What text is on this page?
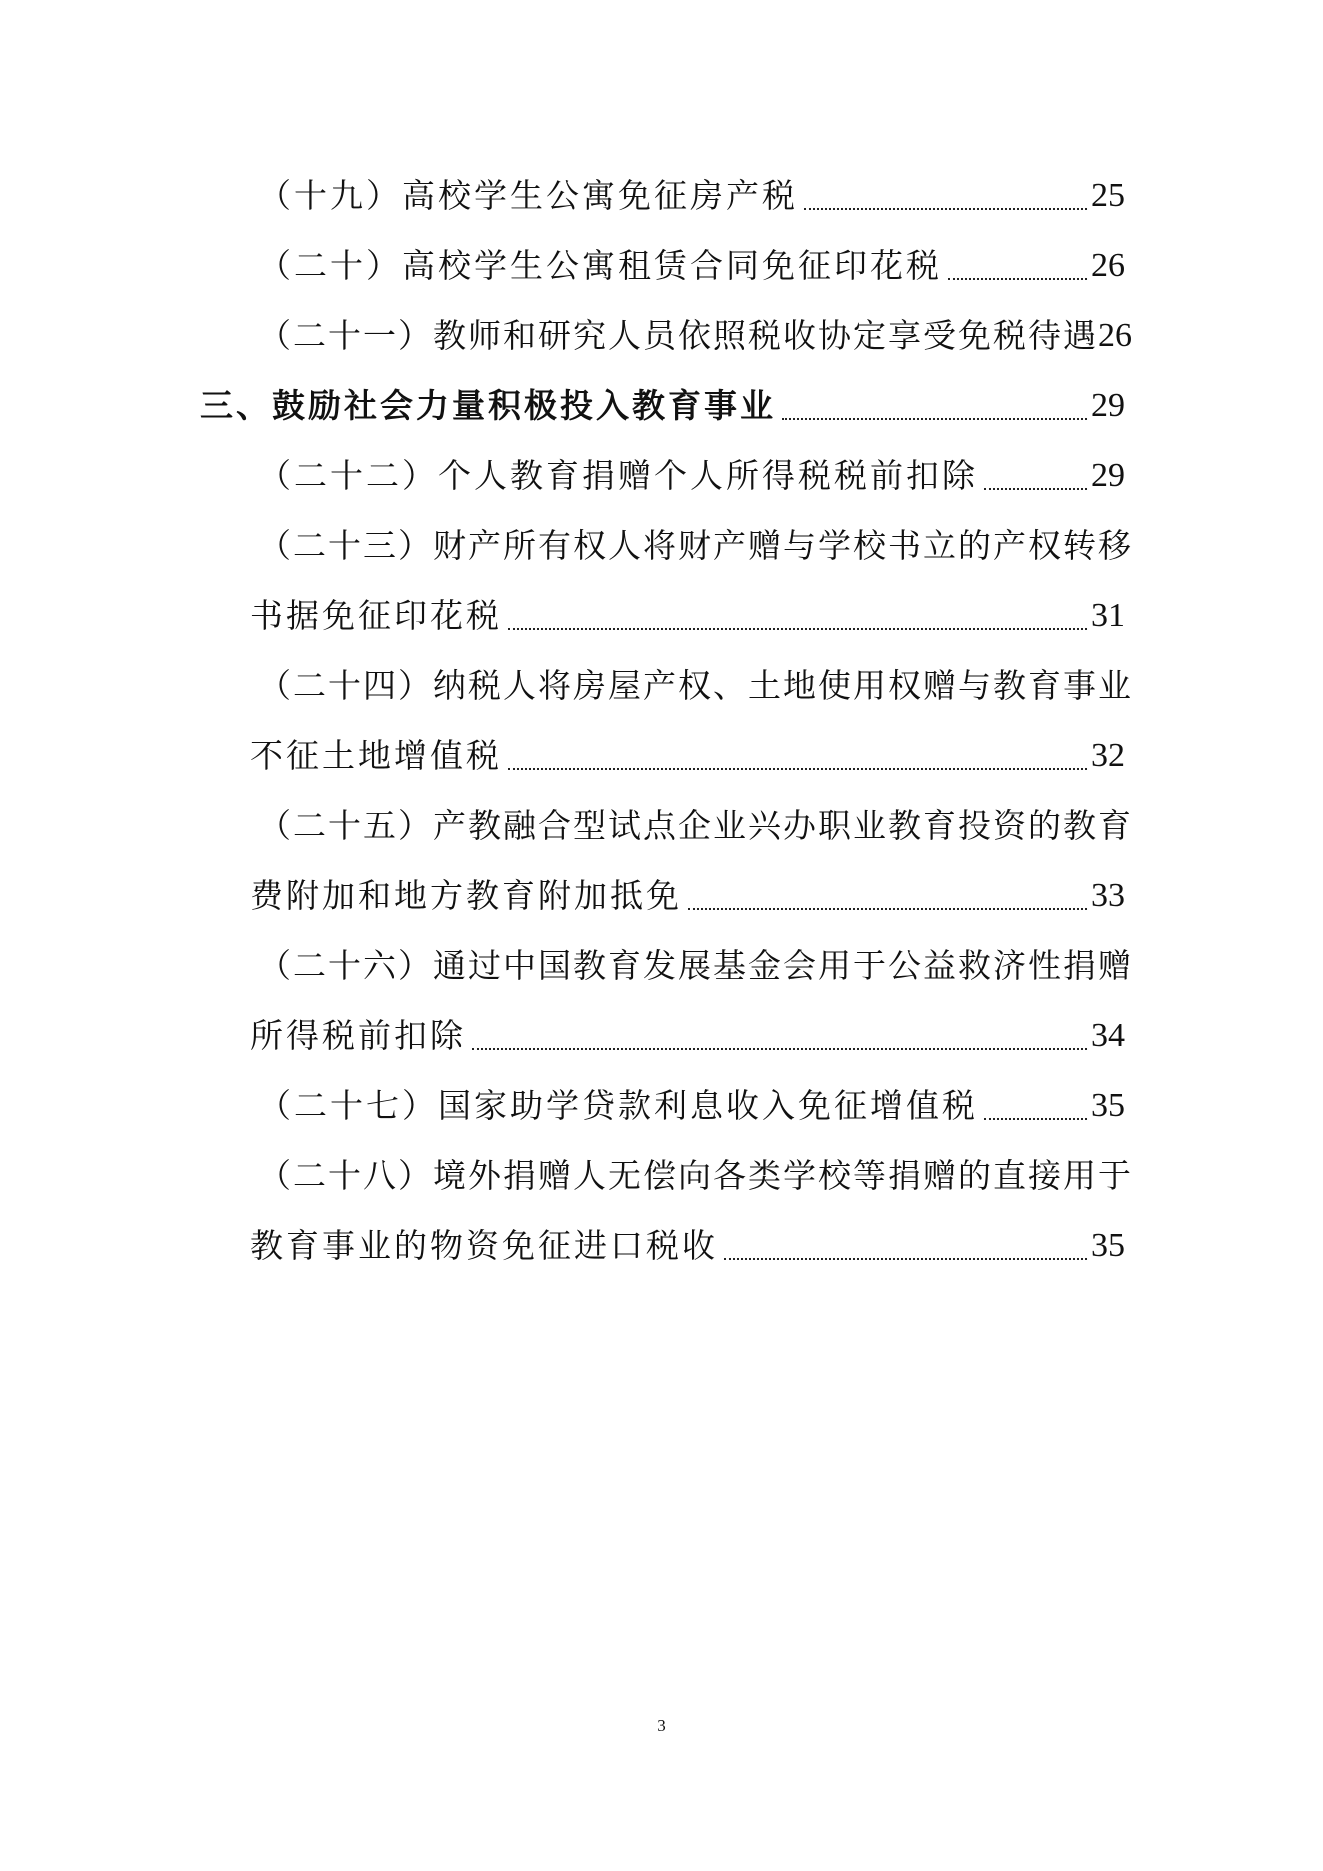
（十九）高校学生公寓免征房产税	25
（二十）高校学生公寓租赁合同免征印花税	26
（二十一）教师和研究人员依照税收协定享受免税待遇 26
三、鼓励社会力量积极投入教育事业	29
（二十二）个人教育捐赠个人所得税税前扣除	29
（二十三）财产所有权人将财产赠与学校书立的产权转移
书据免征印花税	31
（二十四）纳税人将房屋产权、土地使用权赠与教育事业
不征土地增值税	32
（二十五）产教融合型试点企业兴办职业教育投资的教育
费附加和地方教育附加抵免	33
（二十六）通过中国教育发展基金会用于公益救济性捐赠
所得税前扣除	34
（二十七）国家助学贷款利息收入免征增值税	35
（二十八）境外捐赠人无偿向各类学校等捐赠的直接用于
教育事业的物资免征进口税收	35
3
